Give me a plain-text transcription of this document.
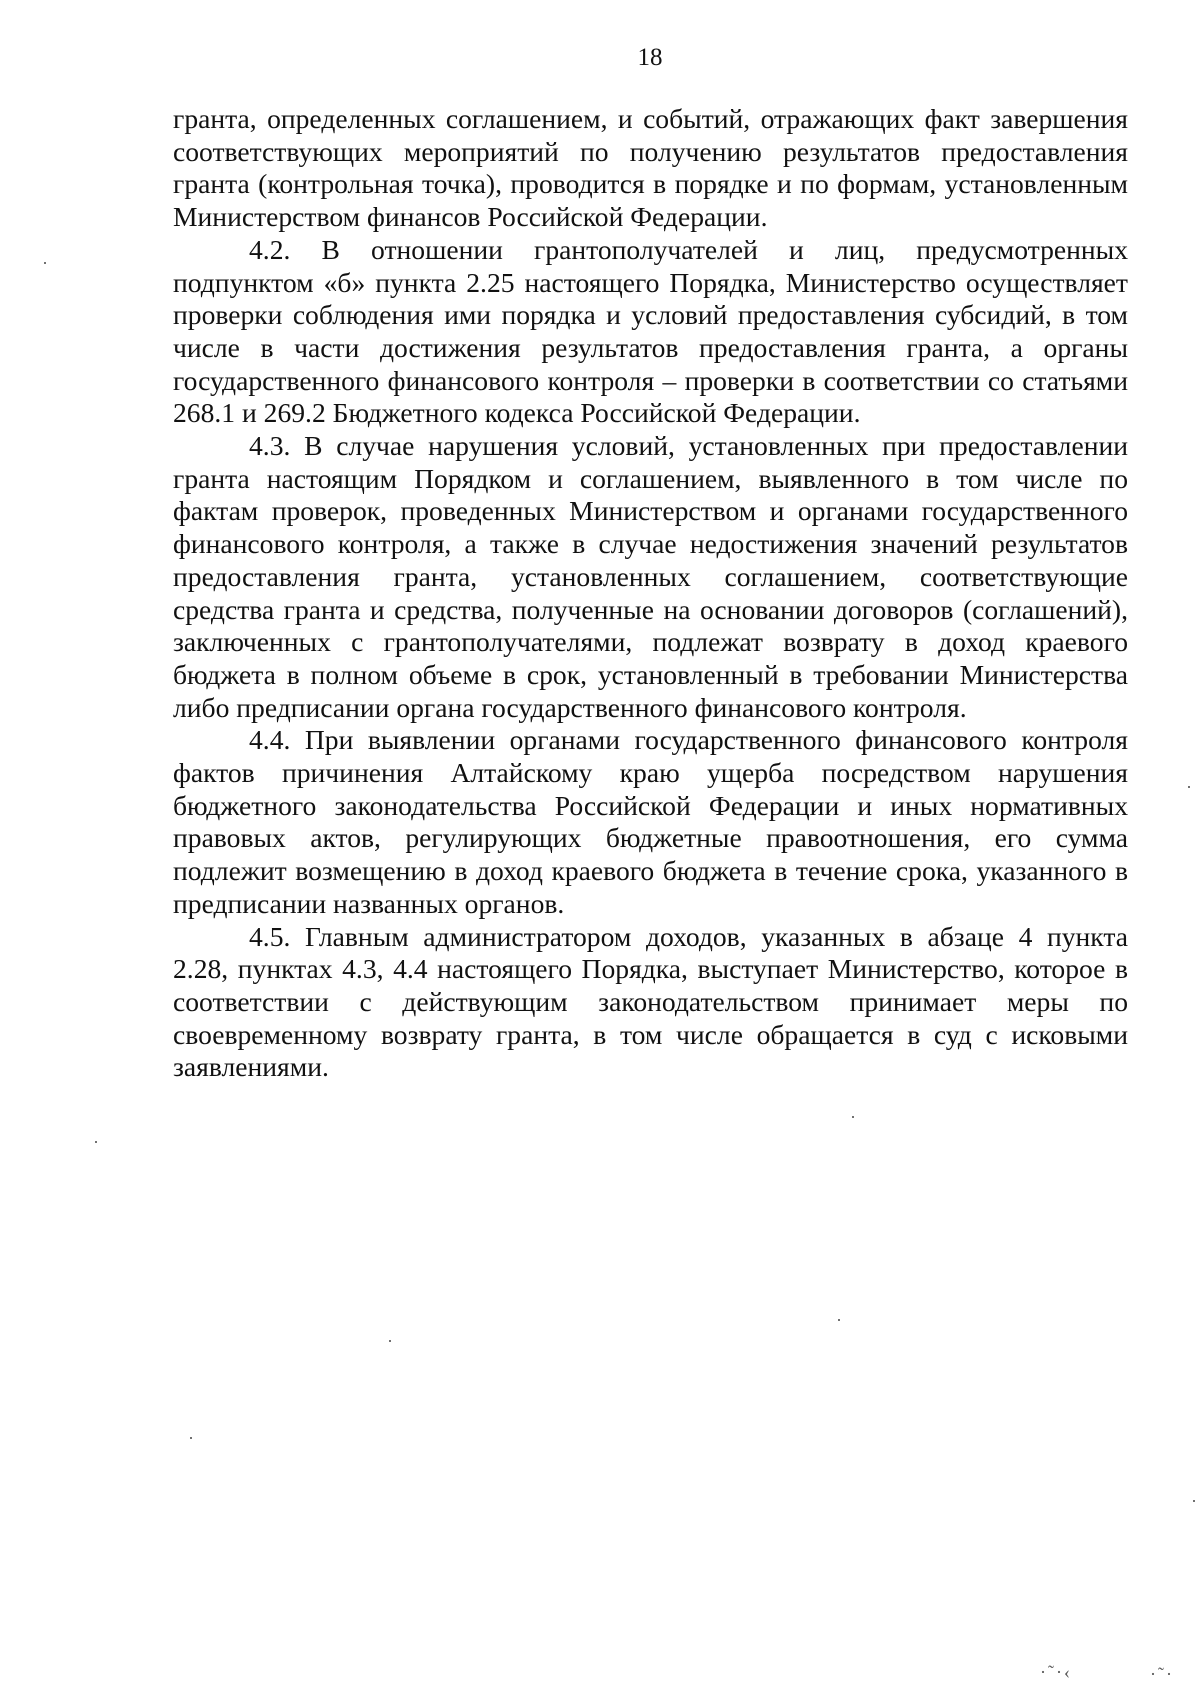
18

гранта, определенных соглашением, и событий, отражающих факт завершения соответствующих мероприятий по получению результатов предоставления гранта (контрольная точка), проводится в порядке и по формам, установленным Министерством финансов Российской Федерации.

4.2. В отношении грантополучателей и лиц, предусмотренных подпунктом «б» пункта 2.25 настоящего Порядка, Министерство осуществляет проверки соблюдения ими порядка и условий предоставления субсидий, в том числе в части достижения результатов предоставления гранта, а органы государственного финансового контроля – проверки в соответствии со статьями 268.1 и 269.2 Бюджетного кодекса Российской Федерации.

4.3. В случае нарушения условий, установленных при предоставлении гранта настоящим Порядком и соглашением, выявленного в том числе по фактам проверок, проведенных Министерством и органами государственного финансового контроля, а также в случае недостижения значений результатов предоставления гранта, установленных соглашением, соответствующие средства гранта и средства, полученные на основании договоров (соглашений), заключенных с грантополучателями, подлежат возврату в доход краевого бюджета в полном объеме в срок, установленный в требовании Министерства либо предписании органа государственного финансового контроля.

4.4. При выявлении органами государственного финансового контроля фактов причинения Алтайскому краю ущерба посредством нарушения бюджетного законодательства Российской Федерации и иных нормативных правовых актов, регулирующих бюджетные правоотношения, его сумма подлежит возмещению в доход краевого бюджета в течение срока, указанного в предписании названных органов.

4.5. Главным администратором доходов, указанных в абзаце 4 пункта 2.28, пунктах 4.3, 4.4 настоящего Порядка, выступает Министерство, которое в соответствии с действующим законодательством принимает меры по своевременному возврату гранта, в том числе обращается в суд с исковыми заявлениями.

·˜·‹	·˜·
